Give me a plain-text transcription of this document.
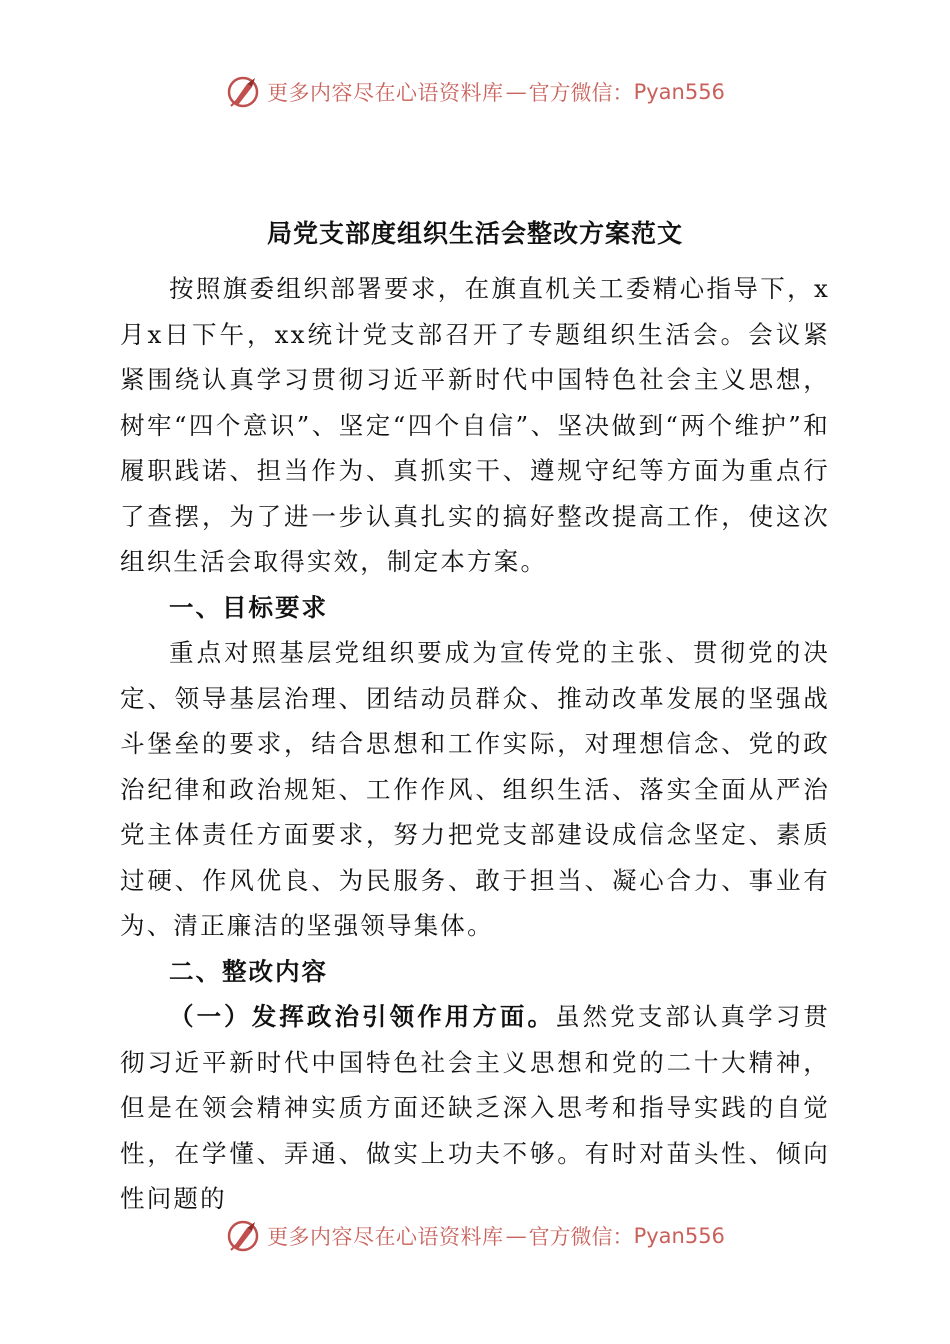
更多内容尽在心语资料库 — 官方微信： Pyan556
局党支部度组织生活会整改方案范文

按照旗委组织部署要求，在旗直机关工委精心指导下，x月x日下午，xx统计党支部召开了专题组织生活会。会议紧紧围绕认真学习贯彻习近平新时代中国特色社会主义思想，树牢“四个意识”、坚定“四个自信”、坚决做到“两个维护”和履职践诺、担当作为、真抓实干、遵规守纪等方面为重点行了查摆，为了进一步认真扎实的搞好整改提高工作，使这次组织生活会取得实效，制定本方案。

一、目标要求

重点对照基层党组织要成为宣传党的主张、贯彻党的决定、领导基层治理、团结动员群众、推动改革发展的坚强战斗堡垒的要求，结合思想和工作实际，对理想信念、党的政治纪律和政治规矩、工作作风、组织生活、落实全面从严治党主体责任方面要求，努力把党支部建设成信念坚定、素质过硬、作风优良、为民服务、敢于担当、凝心合力、事业有为、清正廉洁的坚强领导集体。

二、整改内容

（一）发挥政治引领作用方面。虽然党支部认真学习贯彻习近平新时代中国特色社会主义思想和党的二十大精神，但是在领会精神实质方面还缺乏深入思考和指导实践的自觉性，在学懂、弄通、做实上功夫不够。有时对苗头性、倾向性问题的

更多内容尽在心语资料库 — 官方微信： Pyan556
